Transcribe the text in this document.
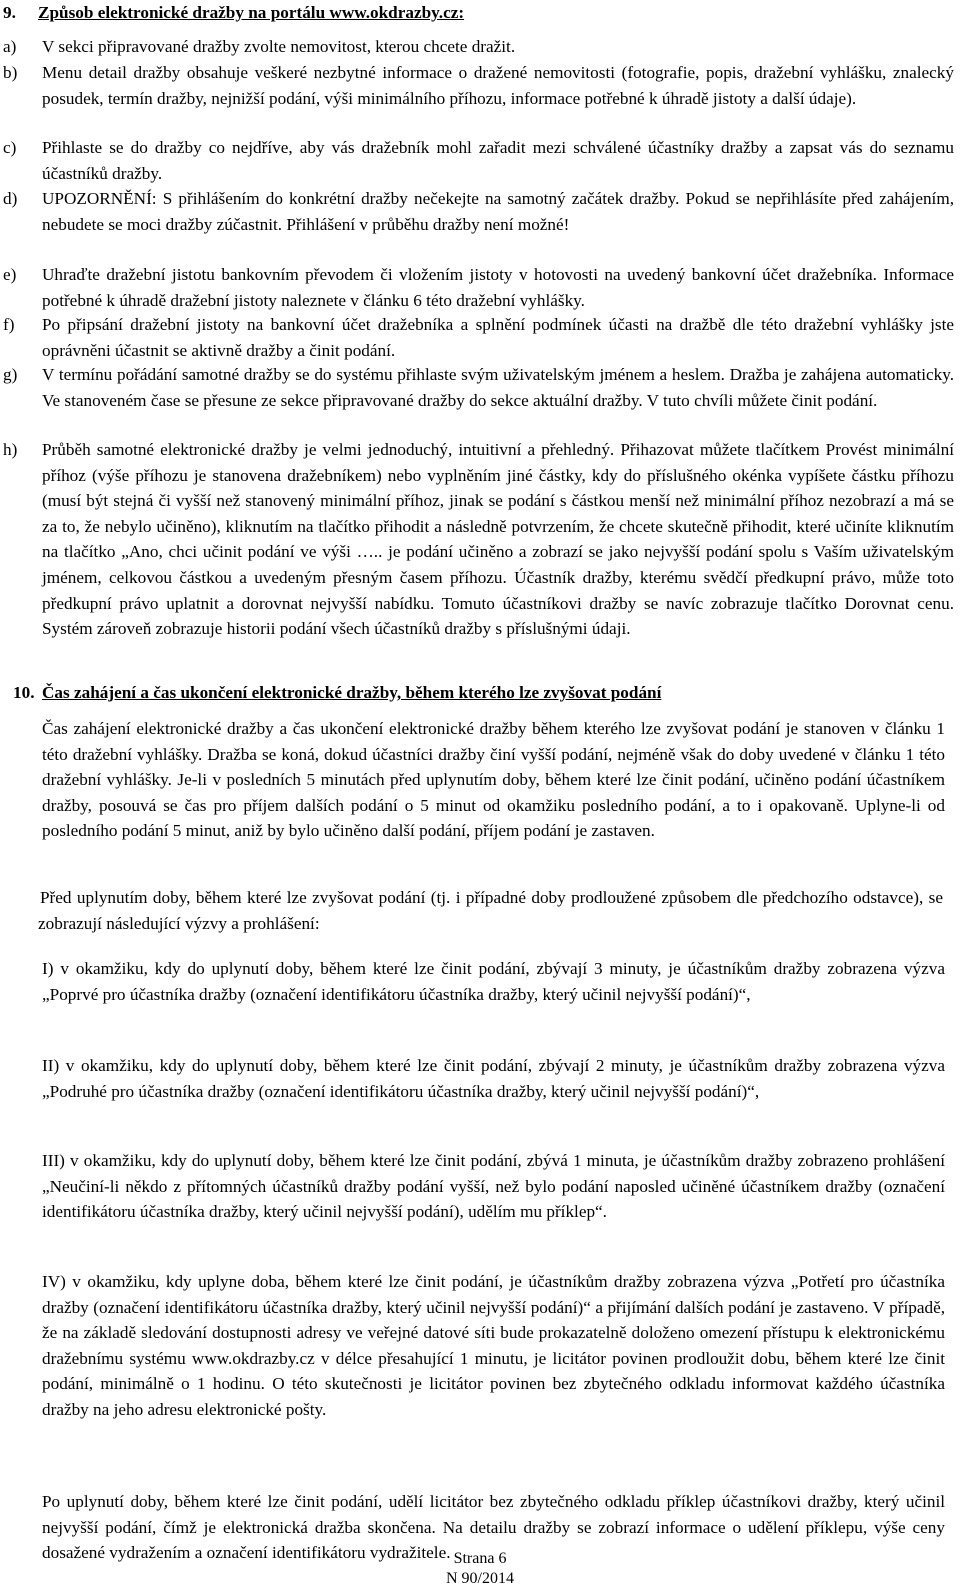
9. Způsob elektronické dražby na portálu www.okdrazby.cz:
a) V sekci připravované dražby zvolte nemovitost, kterou chcete dražit.
b) Menu detail dražby obsahuje veškeré nezbytné informace o dražené nemovitosti (fotografie, popis, dražební vyhlášku, znalecký posudek, termín dražby, nejnižší podání, výši minimálního příhozu, informace potřebné k úhradě jistoty a další údaje).
c) Přihlaste se do dražby co nejdříve, aby vás dražebník mohl zařadit mezi schválené účastníky dražby a zapsat vás do seznamu účastníků dražby.
d) UPOZORNĚNÍ: S přihlášením do konkrétní dražby nečekejte na samotný začátek dražby. Pokud se nepřihlásíte před zahájením, nebudete se moci dražby zúčastnit. Přihlášení v průběhu dražby není možné!
e) Uhraďte dražební jistotu bankovním převodem či vložením jistoty v hotovosti na uvedený bankovní účet dražebníka. Informace potřebné k úhradě dražební jistoty naleznete v článku 6 této dražební vyhlášky.
f) Po připsání dražební jistoty na bankovní účet dražebníka a splnění podmínek účasti na dražbě dle této dražební vyhlášky jste oprávněni účastnit se aktivně dražby a činit podání.
g) V termínu pořádání samotné dražby se do systému přihlaste svým uživatelským jménem a heslem. Dražba je zahájena automaticky. Ve stanoveném čase se přesune ze sekce připravované dražby do sekce aktuální dražby. V tuto chvíli můžete činit podání.
h) Průběh samotné elektronické dražby je velmi jednoduchý, intuitivní a přehledný. Přihazovat můžete tlačítkem Provést minimální příhoz (výše příhozu je stanovena dražebníkem) nebo vyplněním jiné částky, kdy do příslušného okénka vypíšete částku příhozu (musí být stejná či vyšší než stanovený minimální příhoz, jinak se podání s částkou menší než minimální příhoz nezobrazí a má se za to, že nebylo učiněno), kliknutím na tlačítko přihodit a následně potvrzením, že chcete skutečně přihodit, které učiníte kliknutím na tlačítko „Ano, chci učinit podání ve výši ….. je podání učiněno a zobrazí se jako nejvyšší podání spolu s Vaším uživatelským jménem, celkovou částkou a uvedeným přesným časem příhozu. Účastník dražby, kterému svědčí předkupní právo, může toto předkupní právo uplatnit a dorovnat nejvyšší nabídku. Tomuto účastníkovi dražby se navíc zobrazuje tlačítko Dorovnat cenu. Systém zároveň zobrazuje historii podání všech účastníků dražby s příslušnými údaji.
10. Čas zahájení a čas ukončení elektronické dražby, během kterého lze zvyšovat podání
Čas zahájení elektronické dražby a čas ukončení elektronické dražby během kterého lze zvyšovat podání je stanoven v článku 1 této dražební vyhlášky. Dražba se koná, dokud účastníci dražby činí vyšší podání, nejméně však do doby uvedené v článku 1 této dražební vyhlášky. Je-li v posledních 5 minutách před uplynutím doby, během které lze činit podání, učiněno podání účastníkem dražby, posouvá se čas pro příjem dalších podání o 5 minut od okamžiku posledního podání, a to i opakovaně. Uplyne-li od posledního podání 5 minut, aniž by bylo učiněno další podání, příjem podání je zastaven.
Před uplynutím doby, během které lze zvyšovat podání (tj. i případné doby prodloužené způsobem dle předchozího odstavce), se zobrazují následující výzvy a prohlášení:
I) v okamžiku, kdy do uplynutí doby, během které lze činit podání, zbývají 3 minuty, je účastníkům dražby zobrazena výzva „Poprvé pro účastníka dražby (označení identifikátoru účastníka dražby, který učinil nejvyšší podání)“,
II) v okamžiku, kdy do uplynutí doby, během které lze činit podání, zbývají 2 minuty, je účastníkům dražby zobrazena výzva „Podruhé pro účastníka dražby (označení identifikátoru účastníka dražby, který učinil nejvyšší podání)“,
III) v okamžiku, kdy do uplynutí doby, během které lze činit podání, zbývá 1 minuta, je účastníkům dražby zobrazeno prohlášení „Neučiní-li někdo z přítomných účastníků dražby podání vyšší, než bylo podání naposled učiněné účastníkem dražby (označení identifikátoru účastníka dražby, který učinil nejvyšší podání), udělím mu příklep“.
IV) v okamžiku, kdy uplyne doba, během které lze činit podání, je účastníkům dražby zobrazena výzva „Potřetí pro účastníka dražby (označení identifikátoru účastníka dražby, který učinil nejvyšší podání)“ a přijímání dalších podání je zastaveno. V případě, že na základě sledování dostupnosti adresy ve veřejné datové síti bude prokazatelně doloženo omezení přístupu k elektronickému dražebnímu systému www.okdrazby.cz v délce přesahující 1 minutu, je licitátor povinen prodloužit dobu, během které lze činit podání, minimálně o 1 hodinu. O této skutečnosti je licitátor povinen bez zbytečného odkladu informovat každého účastníka dražby na jeho adresu elektronické pošty.
Po uplynutí doby, během které lze činit podání, udělí licitátor bez zbytečného odkladu příklep účastníkovi dražby, který učinil nejvyšší podání, čímž je elektronická dražba skončena. Na detailu dražby se zobrazí informace o udělení příklepu, výše ceny dosažené vydražením a označení identifikátoru vydražitele. Strana 6
N 90/2014
